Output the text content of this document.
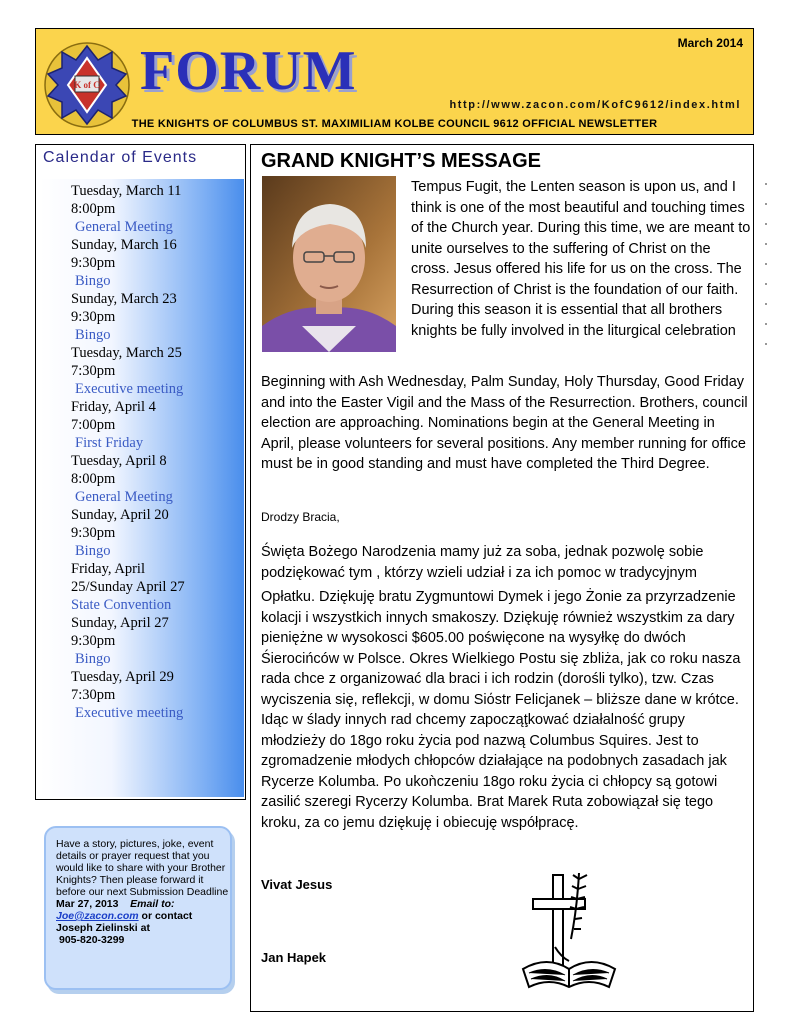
K of C FORUM	March 2014
http://www.zacon.com/KofC9612/index.html
THE KNIGHTS OF COLUMBUS ST. MAXIMILIAM KOLBE COUNCIL 9612 OFFICIAL NEWSLETTER
Calendar of Events
Tuesday, March 11
8:00pm
General Meeting
Sunday, March 16
9:30pm
Bingo
Sunday, March 23
9:30pm
Bingo
Tuesday, March 25
7:30pm
Executive meeting
Friday, April 4
7:00pm
First Friday
Tuesday, April 8
8:00pm
General Meeting
Sunday, April 20
9:30pm
Bingo
Friday, April 25/Sunday April 27
State Convention
Sunday, April 27
9:30pm
Bingo
Tuesday, April 29
7:30pm
Executive meeting
Have a story, pictures, joke, event details or prayer request that you would like to share with your Brother Knights? Then please forward it before our next Submission Deadline
Mar 27, 2013 Email to:
Joe@zacon.com or contact
Joseph Zielinski at
905-820-3299
GRAND KNIGHT’S MESSAGE

Tempus Fugit, the Lenten season is upon us, and I think is one of the most beautiful and touching times of the Church year. During this time, we are meant to unite ourselves to the suffering of Christ on the cross. Jesus offered his life for us on the cross. The Resurrection of Christ is the foundation of our faith. During this season it is essential that all brothers knights be fully involved in the liturgical celebration

Beginning with Ash Wednesday, Palm Sunday, Holy Thursday, Good Friday and into the Easter Vigil and the Mass of the Resurrection. Brothers, council election are approaching. Nominations begin at the General Meeting in April, please volunteers for several positions. Any member running for office must be in good standing and must have completed the Third Degree.

Drodzy Bracia,

Święta Bożego Narodzenia mamy już za soba, jednak pozwolę sobie podziękować tym , którzy wzieli udział i za ich pomoc w tradycyjnym
Opłatku. Dziękuję bratu Zygmuntowi Dymek i jego Żonie za przyrzadzenie kolacji i wszystkich innych smakoszy. Dziękuję również wszystkim za dary pieniężne w wysokosci $605.00 poświęcone na wysyłkę do dwóch Śierocińców w Polsce. Okres Wielkiego Postu się zbliża, jak co roku nasza rada chce z organizować dla braci i ich rodzin (dorośli tylko), tzw. Czas wyciszenia się, reflekcji, w domu Siόstr Felicjanek – bliższe dane w krótce. Idąc w ślady innych rad chcemy zapocząţkować działalność grupy młodzieży do 18go roku życia pod nazwą Columbus Squires. Jest to zgromadzenie młodych chłopców działające na podobnych zasadach jak Rycerze Kolumba. Po ukoǹczeniu 18go roku życia ci chłopcy są gotowi zasilić szeregi Rycerzy Kolumba. Brat Marek Ruta zobowiązał się tego kroku, za co jemu dziękuję i obiecuję współpracę.

Vivat Jesus

Jan Hapek
